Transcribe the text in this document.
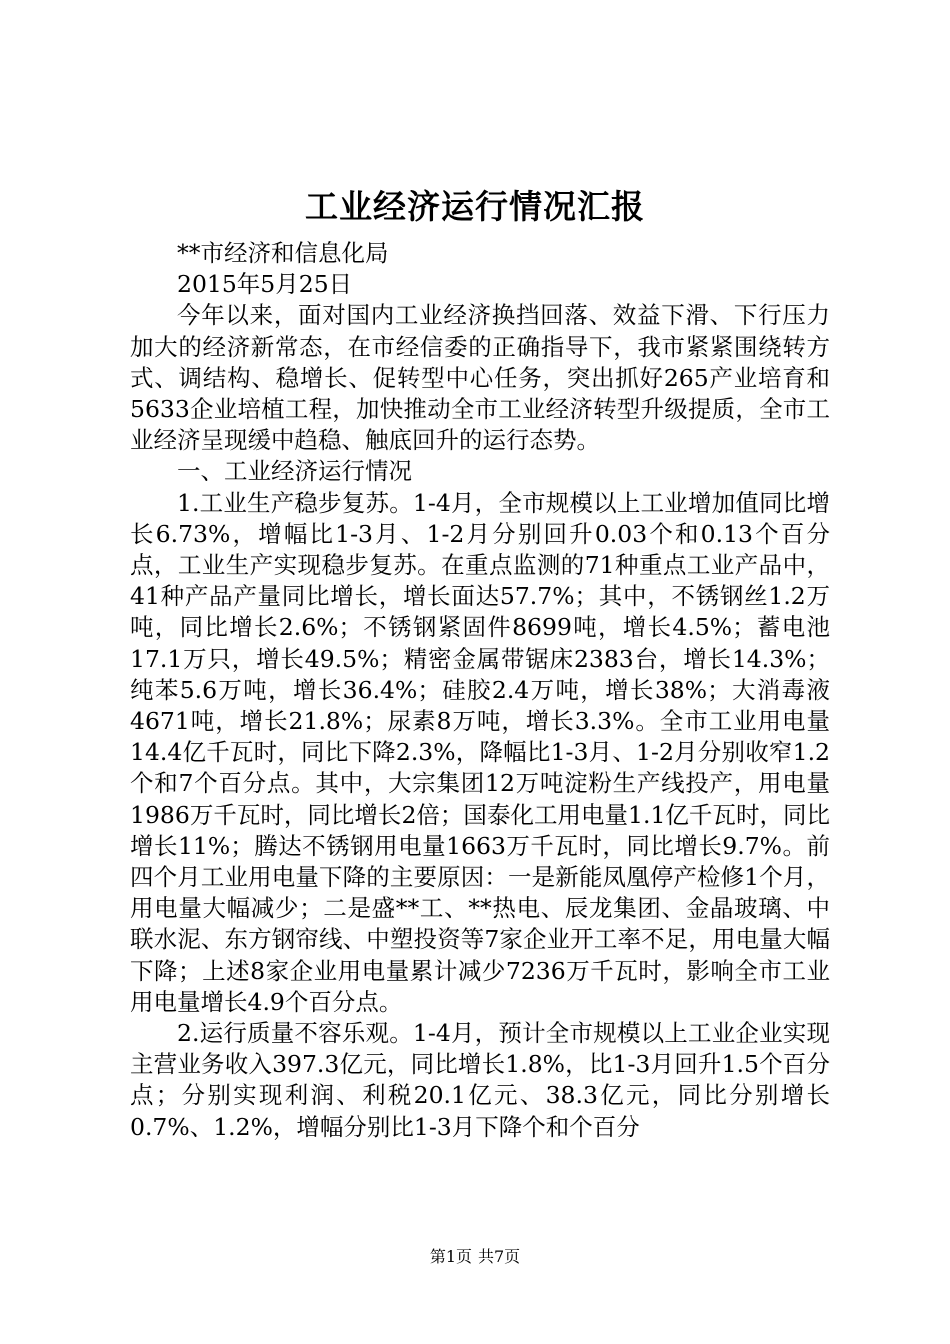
工业经济运行情况汇报

**市经济和信息化局

2015年5月25日

今年以来，面对国内工业经济换挡回落、效益下滑、下行压力加大的经济新常态，在市经信委的正确指导下，我市紧紧围绕转方式、调结构、稳增长、促转型中心任务，突出抓好265产业培育和5633企业培植工程，加快推动全市工业经济转型升级提质，全市工业经济呈现缓中趋稳、触底回升的运行态势。

一、工业经济运行情况

1.工业生产稳步复苏。1-4月，全市规模以上工业增加值同比增长6.73%，增幅比1-3月、1-2月分别回升0.03个和0.13个百分点，工业生产实现稳步复苏。在重点监测的71种重点工业产品中，41种产品产量同比增长，增长面达57.7%；其中，不锈钢丝1.2万吨，同比增长2.6%；不锈钢紧固件8699吨，增长4.5%；蓄电池17.1万只，增长49.5%；精密金属带锯床2383台，增长14.3%；纯苯5.6万吨，增长36.4%；硅胶2.4万吨，增长38%；大消毒液4671吨，增长21.8%；尿素8万吨，增长3.3%。全市工业用电量14.4亿千瓦时，同比下降2.3%，降幅比1-3月、1-2月分别收窄1.2个和7个百分点。其中，大宗集团12万吨淀粉生产线投产，用电量1986万千瓦时，同比增长2倍；国泰化工用电量1.1亿千瓦时，同比增长11%；腾达不锈钢用电量1663万千瓦时，同比增长9.7%。前四个月工业用电量下降的主要原因：一是新能凤凰停产检修1个月，用电量大幅减少；二是盛**工、**热电、辰龙集团、金晶玻璃、中联水泥、东方钢帘线、中塑投资等7家企业开工率不足，用电量大幅下降；上述8家企业用电量累计减少7236万千瓦时，影响全市工业用电量增长4.9个百分点。

2.运行质量不容乐观。1-4月，预计全市规模以上工业企业实现主营业务收入397.3亿元，同比增长1.8%，比1-3月回升1.5个百分点；分别实现利润、利税20.1亿元、38.3亿元，同比分别增长0.7%、1.2%，增幅分别比1-3月下降个和个百分

第1页 共7页
